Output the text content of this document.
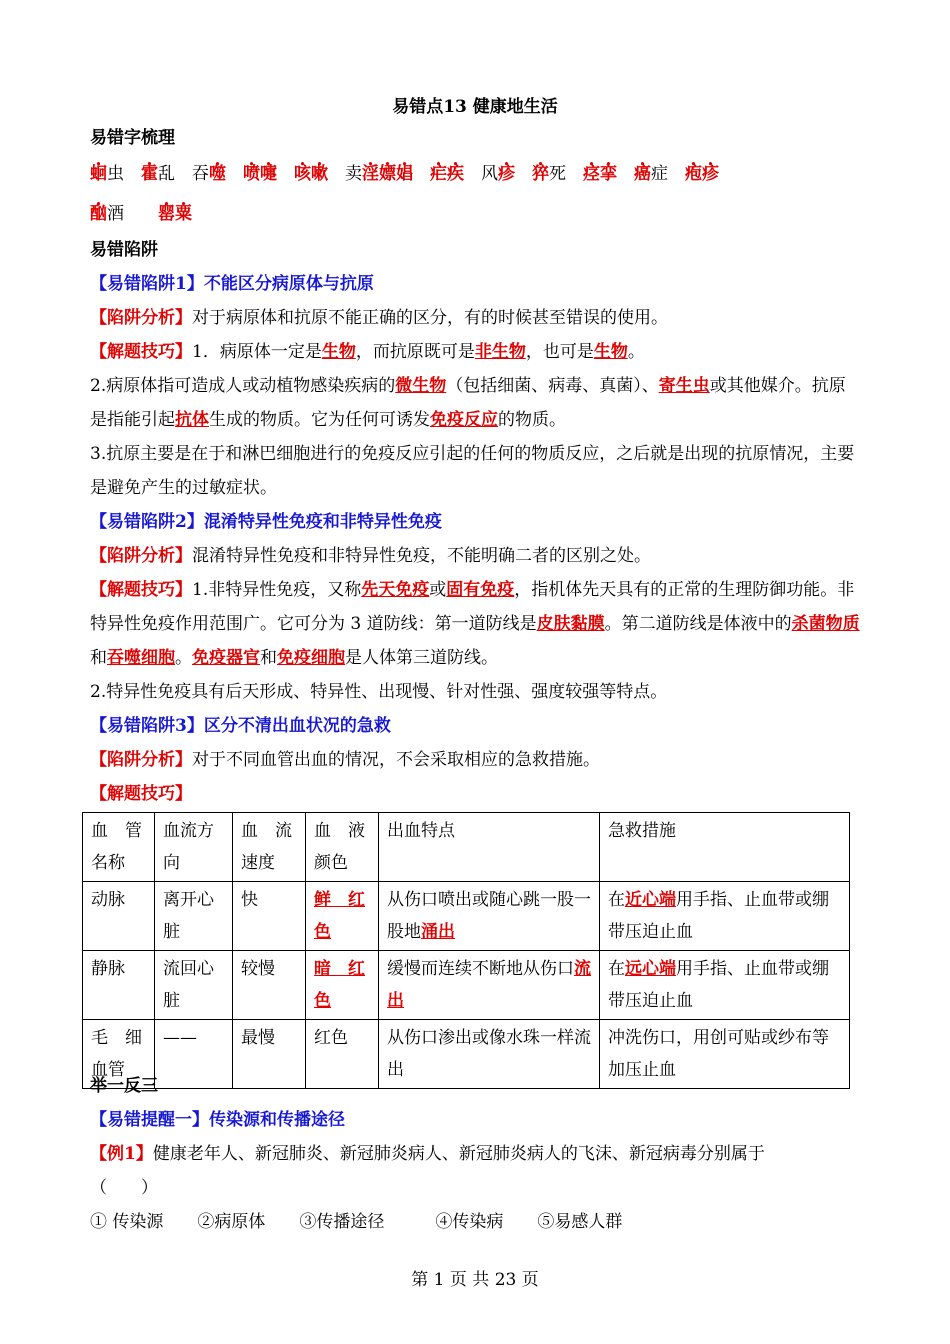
易错点13 健康地生活
易错字梳理
蛔虫　霍乱　吞噬　 喷嚏　 咳嗽　卖淫嫖娼　 疟疾　风疹　 猝死　痉挛　 癌症　疱疹
酗酒　　罂粟
易错陷阱
【易错陷阱1】不能区分病原体与抗原
【陷阱分析】对于病原体和抗原不能正确的区分，有的时候甚至错误的使用。
【解题技巧】1．病原体一定是生物，而抗原既可是非生物，也可是生物。
2.病原体指可造成人或动植物感染疾病的微生物（包括细菌、病毒、真菌）、寄生虫或其他媒介。抗原是指能引起抗体生成的物质。它为任何可诱发免疫反应的物质。
3.抗原主要是在于和淋巴细胞进行的免疫反应引起的任何的物质反应，之后就是出现的抗原情况，主要是避免产生的过敏症状。
【易错陷阱2】混淆特异性免疫和非特异性免疫
【陷阱分析】混淆特异性免疫和非特异性免疫，不能明确二者的区别之处。
【解题技巧】1.非特异性免疫，又称先天免疫或固有免疫，指机体先天具有的正常的生理防御功能。非特异性免疫作用范围广。它可分为 3 道防线：第一道防线是皮肤黏膜。第二道防线是体液中的杀菌物质和吞噬细胞。免疫器官和免疫细胞是人体第三道防线。
2.特异性免疫具有后天形成、特异性、出现慢、针对性强、强度较强等特点。
【易错陷阱3】区分不清出血状况的急救
【陷阱分析】对于不同血管出血的情况，不会采取相应的急救措施。
【解题技巧】
血　管名称	血流方向	血　流速度	血　液颜色	出血特点	急救措施
动脉	离开心脏	快	鲜　红色	从伤口喷出或随心跳一股一股地涌出	在近心端用手指、止血带或绷带压迫止血
静脉	流回心脏	较慢	暗　红色	缓慢而连续不断地从伤口流出	在远心端用手指、止血带或绷带压迫止血
毛　细血管	——	最慢	红色	从伤口渗出或像水珠一样流出	冲洗伤口，用创可贴或纱布等加压止血
举一反三
【易错提醒一】传染源和传播途径
【例1】健康老年人、新冠肺炎、新冠肺炎病人、新冠肺炎病人的飞沫、新冠病毒分别属于
（　　）
① 传染源　　②病原体　　③传播途径　　　④传染病　　⑤易感人群
第 1 页 共 23 页
